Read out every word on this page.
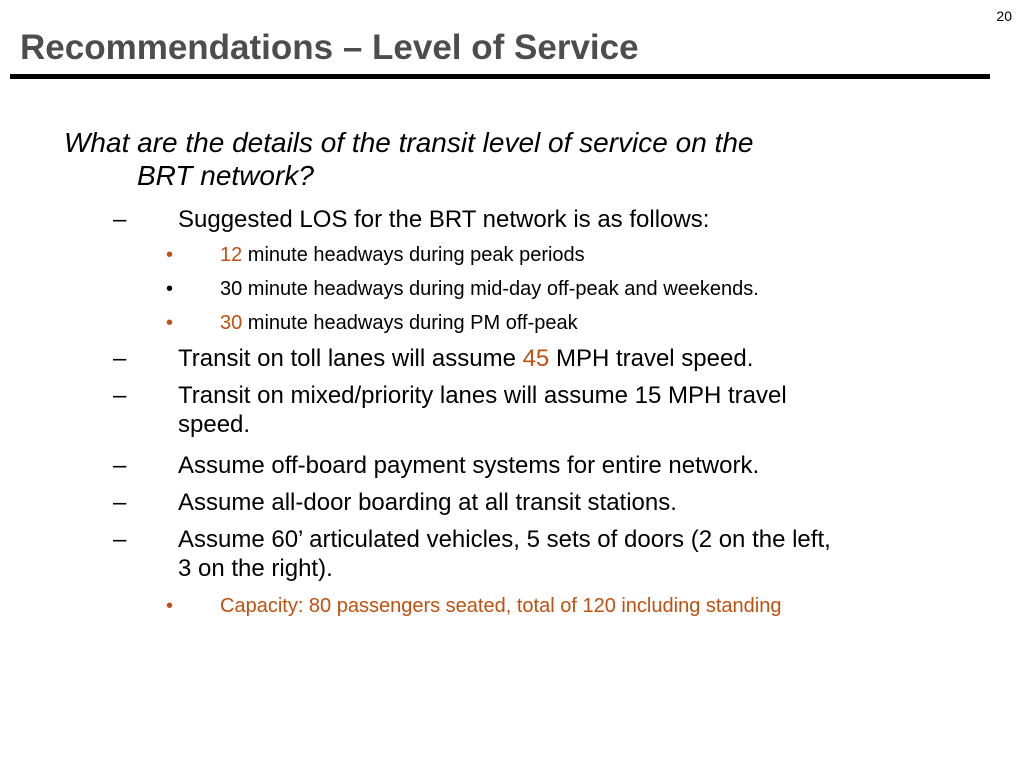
20
Recommendations – Level of Service

What are the details of the transit level of service on the
BRT network?

– Suggested LOS for the BRT network is as follows:
• 12 minute headways during peak periods
• 30 minute headways during mid-day off-peak and weekends.
• 30 minute headways during PM off-peak
– Transit on toll lanes will assume 45 MPH travel speed.
– Transit on mixed/priority lanes will assume 15 MPH travel
speed.
– Assume off-board payment systems for entire network.
– Assume all-door boarding at all transit stations.
– Assume 60’ articulated vehicles, 5 sets of doors (2 on the left,
3 on the right).
• Capacity: 80 passengers seated, total of 120 including standing
